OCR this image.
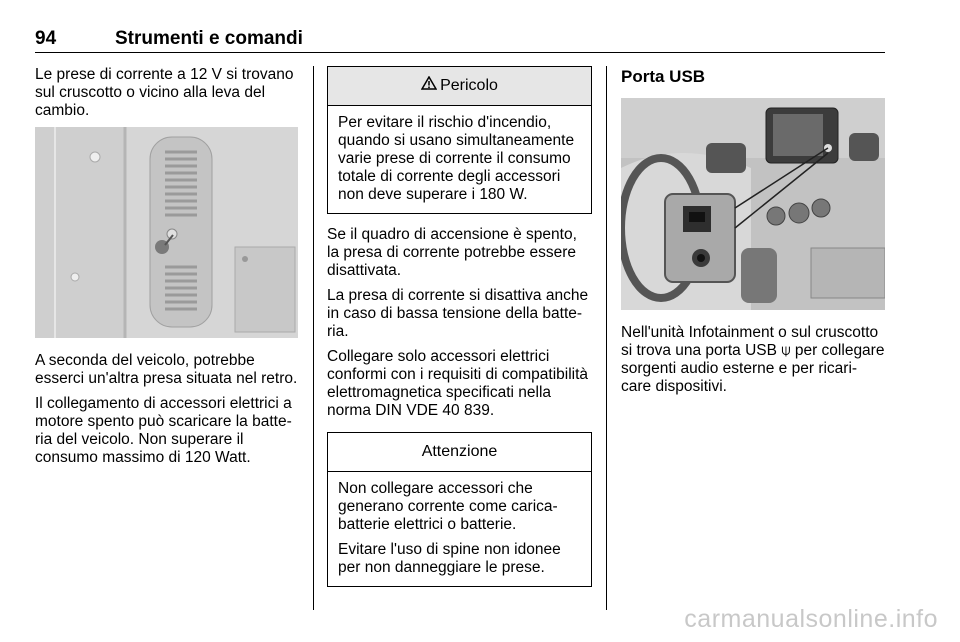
94	Strumenti e comandi

Le prese di corrente a 12 V si trovano sul cruscotto o vicino alla leva del cambio.

A seconda del veicolo, potrebbe esserci un'altra presa situata nel retro.

Il collegamento di accessori elettrici a motore spento può scaricare la batte-ria del veicolo. Non superare il consumo massimo di 120 Watt.

Pericolo

Per evitare il rischio d'incendio, quando si usano simultaneamente varie prese di corrente il consumo totale di corrente degli accessori non deve superare i 180 W.

Se il quadro di accensione è spento, la presa di corrente potrebbe essere disattivata.

La presa di corrente si disattiva anche in caso di bassa tensione della batte-ria.

Collegare solo accessori elettrici conformi con i requisiti di compatibilità elettromagnetica specificati nella norma DIN VDE 40 839.

Attenzione

Non collegare accessori che generano corrente come carica-batterie elettrici o batterie.

Evitare l'uso di spine non idonee per non danneggiare le prese.

Porta USB

Nell'unità Infotainment o sul cruscotto si trova una porta USB ⍦ per collegare sorgenti audio esterne e per ricari-care dispositivi.

carmanualsonline.info
